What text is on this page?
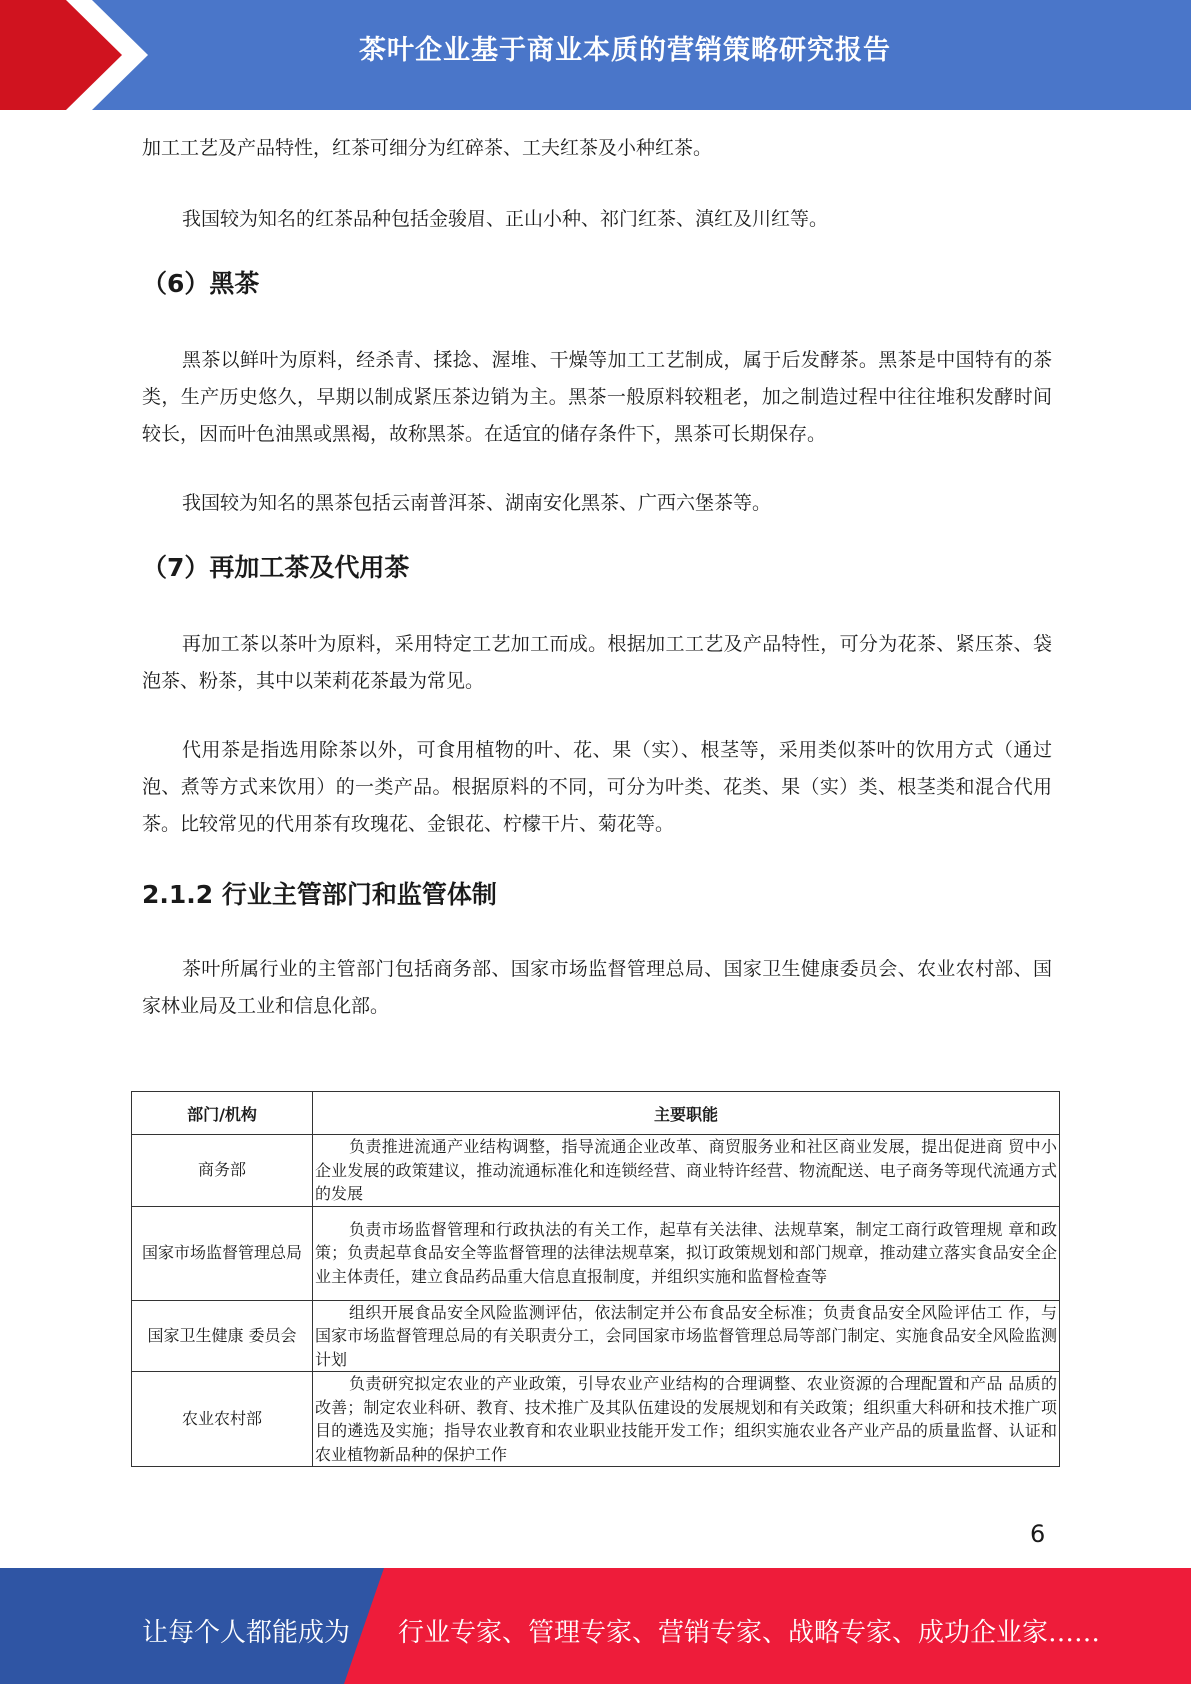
茶叶企业基于商业本质的营销策略研究报告

加工工艺及产品特性，红茶可细分为红碎茶、工夫红茶及小种红茶。

我国较为知名的红茶品种包括金骏眉、正山小种、祁门红茶、滇红及川红等。

（6）黑茶

黑茶以鲜叶为原料，经杀青、揉捻、渥堆、干燥等加工工艺制成，属于后发酵茶。黑茶是中国特有的茶类，生产历史悠久，早期以制成紧压茶边销为主。黑茶一般原料较粗老，加之制造过程中往往堆积发酵时间较长，因而叶色油黑或黑褐，故称黑茶。在适宜的储存条件下，黑茶可长期保存。

我国较为知名的黑茶包括云南普洱茶、湖南安化黑茶、广西六堡茶等。

（7）再加工茶及代用茶

再加工茶以茶叶为原料，采用特定工艺加工而成。根据加工工艺及产品特性，可分为花茶、紧压茶、袋泡茶、粉茶，其中以茉莉花茶最为常见。

代用茶是指选用除茶以外，可食用植物的叶、花、果（实）、根茎等，采用类似茶叶的饮用方式（通过泡、煮等方式来饮用）的一类产品。根据原料的不同，可分为叶类、花类、果（实）类、根茎类和混合代用茶。比较常见的代用茶有玫瑰花、金银花、柠檬干片、菊花等。

2.1.2 行业主管部门和监管体制

茶叶所属行业的主管部门包括商务部、国家市场监督管理总局、国家卫生健康委员会、农业农村部、国家林业局及工业和信息化部。

部门/机构	主要职能
商务部	负责推进流通产业结构调整，指导流通企业改革、商贸服务业和社区商业发展，提出促进商 贸中小企业发展的政策建议，推动流通标准化和连锁经营、商业特许经营、物流配送、电子商务等现代流通方式的发展
国家市场监督管理总局	负责市场监督管理和行政执法的有关工作，起草有关法律、法规草案，制定工商行政管理规 章和政策；负责起草食品安全等监督管理的法律法规草案，拟订政策规划和部门规章，推动建立落实食品安全企业主体责任，建立食品药品重大信息直报制度，并组织实施和监督检查等
国家卫生健康 委员会	组织开展食品安全风险监测评估，依法制定并公布食品安全标准；负责食品安全风险评估工 作，与国家市场监督管理总局的有关职责分工，会同国家市场监督管理总局等部门制定、实施食品安全风险监测计划
农业农村部	负责研究拟定农业的产业政策，引导农业产业结构的合理调整、农业资源的合理配置和产品 品质的改善；制定农业科研、教育、技术推广及其队伍建设的发展规划和有关政策；组织重大科研和技术推广项目的遴选及实施；指导农业教育和农业职业技能开发工作；组织实施农业各产业产品的质量监督、认证和农业植物新品种的保护工作
6
让每个人都能成为 行业专家、管理专家、营销专家、战略专家、成功企业家……
